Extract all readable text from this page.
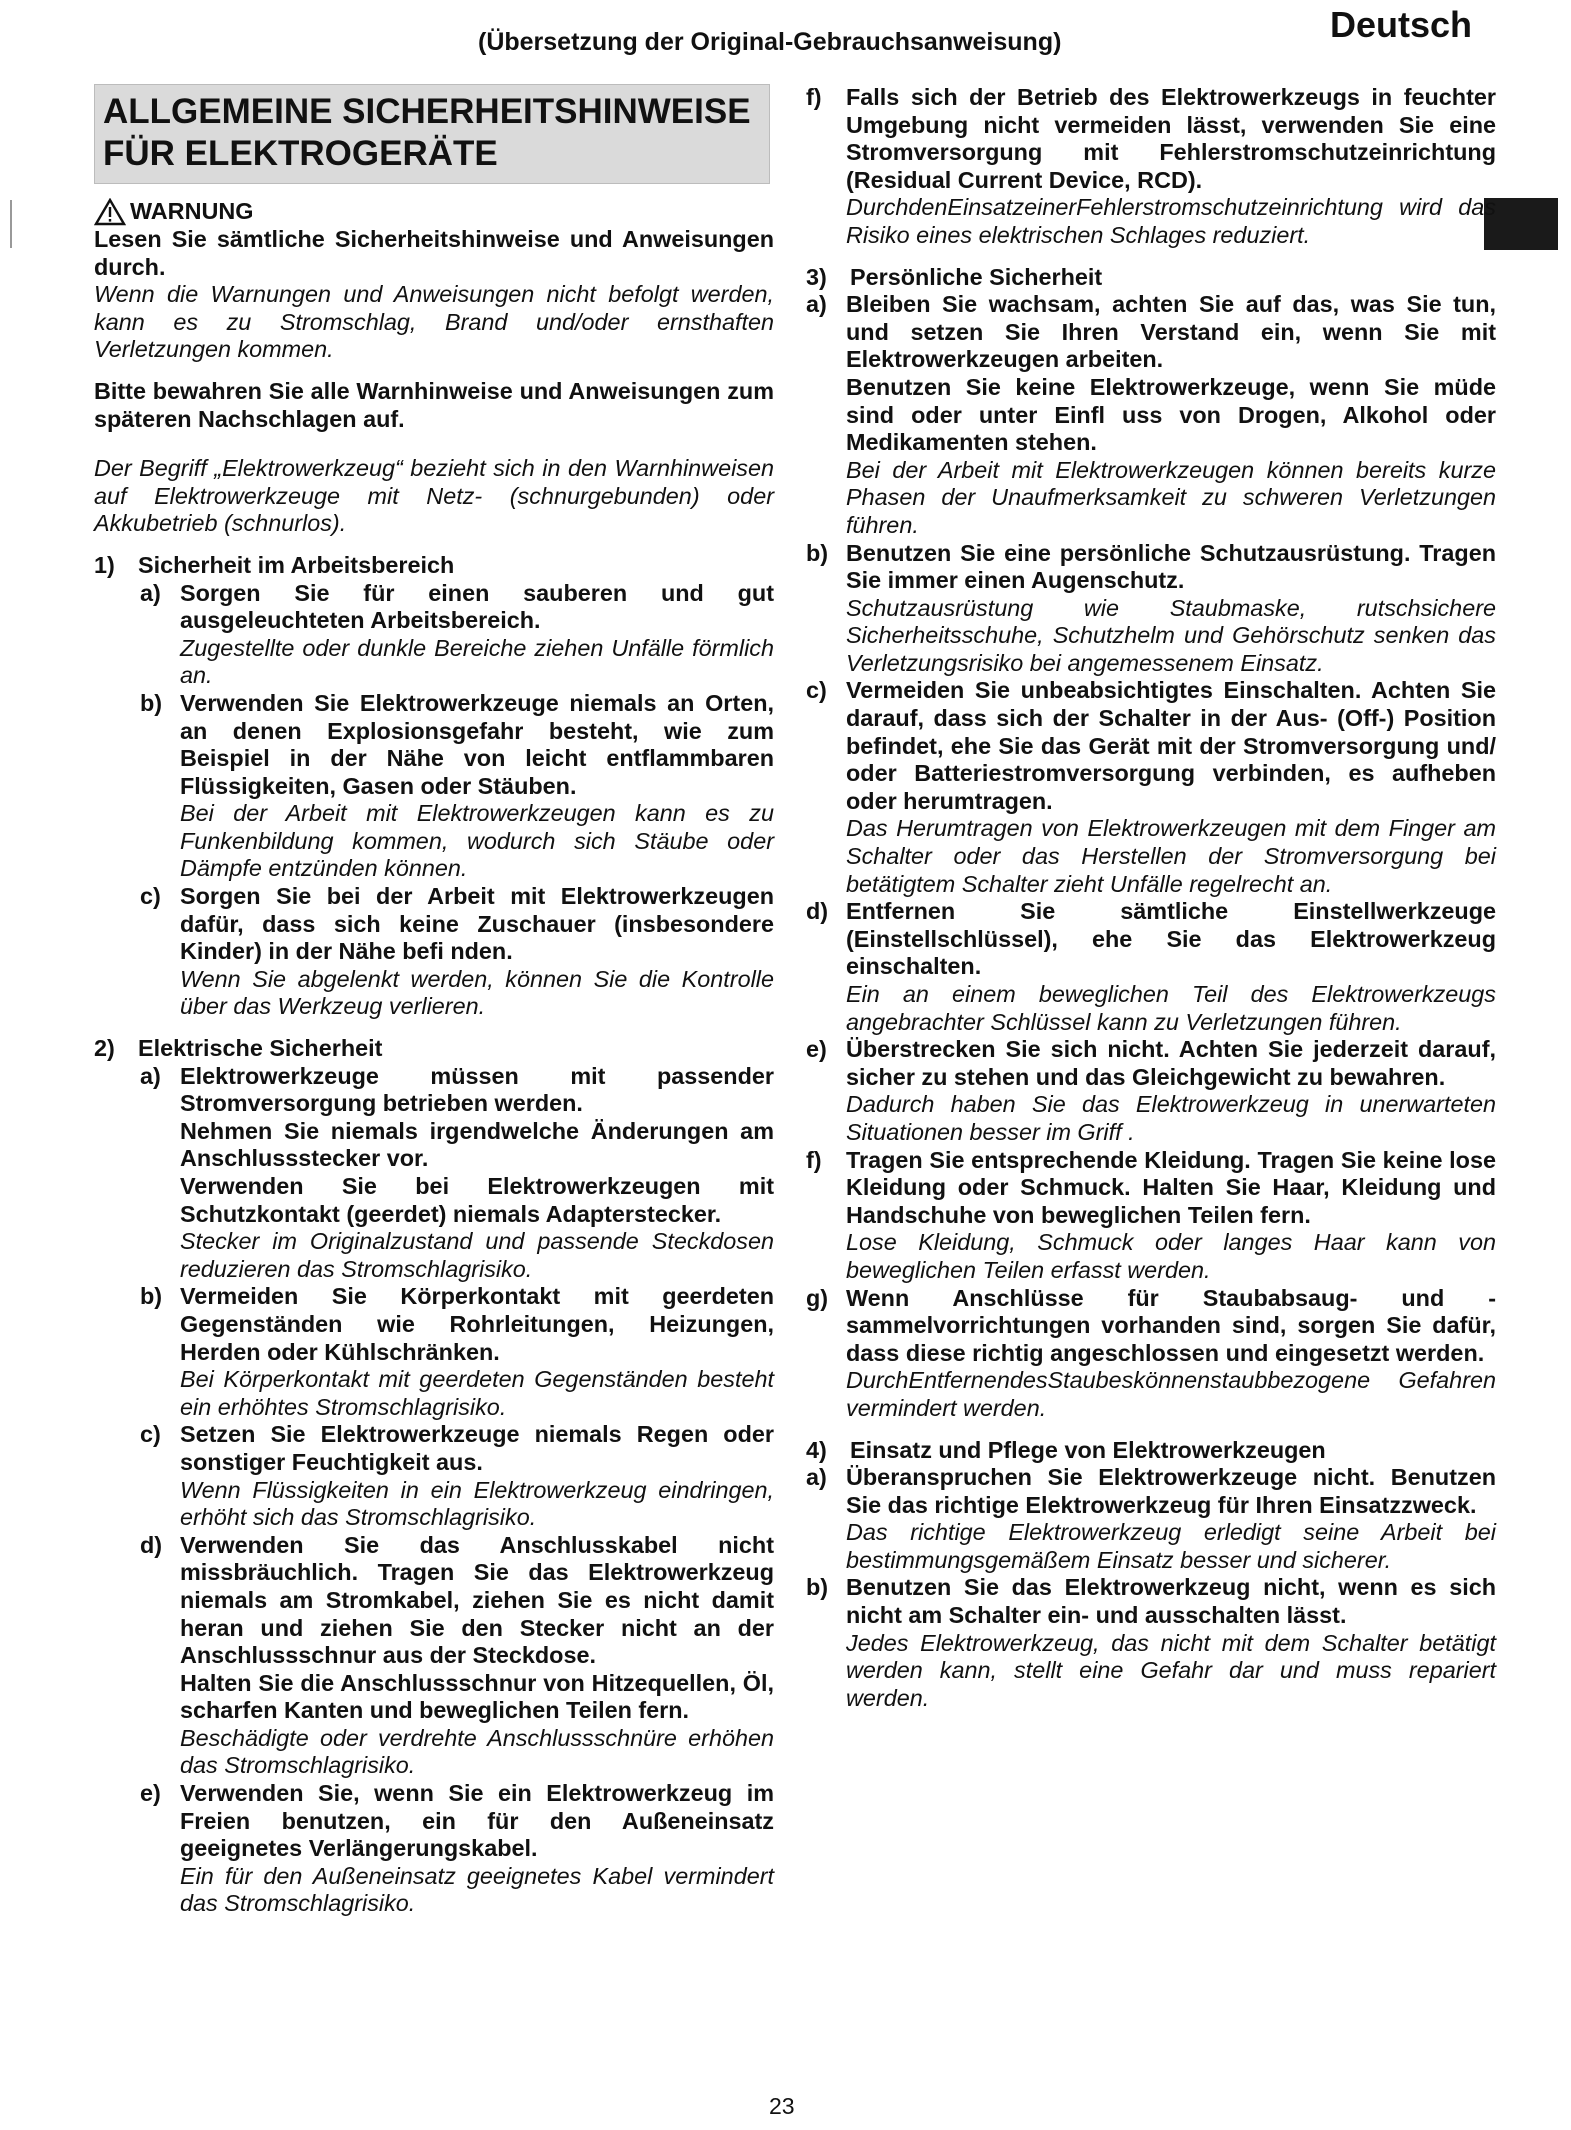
Deutsch
(Übersetzung der Original-Gebrauchsanweisung)
ALLGEMEINE SICHERHEITSHINWEISE FÜR ELEKTROGERÄTE
WARNUNG

Lesen Sie sämtliche Sicherheitshinweise und Anweisungen durch.

Wenn die Warnungen und Anweisungen nicht befolgt werden, kann es zu Stromschlag, Brand und/oder ernsthaften Verletzungen kommen.

Bitte bewahren Sie alle Warnhinweise und Anweisungen zum späteren Nachschlagen auf.

Der Begriff „Elektrowerkzeug“ bezieht sich in den Warnhinweisen auf Elektrowerkzeuge mit Netz- (schnurgebunden) oder Akkubetrieb (schnurlos).

1) Sicherheit im Arbeitsbereich
a) Sorgen Sie für einen sauberen und gut ausgeleuchteten Arbeitsbereich.

Zugestellte oder dunkle Bereiche ziehen Unfälle förmlich an.

b) Verwenden Sie Elektrowerkzeuge niemals an Orten, an denen Explosionsgefahr besteht, wie zum Beispiel in der Nähe von leicht entflammbaren Flüssigkeiten, Gasen oder Stäuben.

Bei der Arbeit mit Elektrowerkzeugen kann es zu Funkenbildung kommen, wodurch sich Stäube oder Dämpfe entzünden können.

c) Sorgen Sie bei der Arbeit mit Elektrowerkzeugen dafür, dass sich keine Zuschauer (insbesondere Kinder) in der Nähe befi nden.

Wenn Sie abgelenkt werden, können Sie die Kontrolle über das Werkzeug verlieren.

2) Elektrische Sicherheit
a) Elektrowerkzeuge müssen mit passender Stromversorgung betrieben werden.

Nehmen Sie niemals irgendwelche Änderungen am Anschlussstecker vor.

Verwenden Sie bei Elektrowerkzeugen mit Schutzkontakt (geerdet) niemals Adapterstecker.

Stecker im Originalzustand und passende Steckdosen reduzieren das Stromschlagrisiko.

b) Vermeiden Sie Körperkontakt mit geerdeten Gegenständen wie Rohrleitungen, Heizungen, Herden oder Kühlschränken.

Bei Körperkontakt mit geerdeten Gegenständen besteht ein erhöhtes Stromschlagrisiko.

c) Setzen Sie Elektrowerkzeuge niemals Regen oder sonstiger Feuchtigkeit aus.

Wenn Flüssigkeiten in ein Elektrowerkzeug eindringen, erhöht sich das Stromschlagrisiko.

d) Verwenden Sie das Anschlusskabel nicht missbräuchlich. Tragen Sie das Elektrowerkzeug niemals am Stromkabel, ziehen Sie es nicht damit heran und ziehen Sie den Stecker nicht an der Anschlussschnur aus der Steckdose.

Halten Sie die Anschlussschnur von Hitzequellen, Öl, scharfen Kanten und beweglichen Teilen fern.

Beschädigte oder verdrehte Anschlussschnüre erhöhen das Stromschlagrisiko.

e) Verwenden Sie, wenn Sie ein Elektrowerkzeug im Freien benutzen, ein für den Außeneinsatz geeignetes Verlängerungskabel.

Ein für den Außeneinsatz geeignetes Kabel vermindert das Stromschlagrisiko.

f)	Falls sich der Betrieb des Elektrowerkzeugs in feuchter Umgebung nicht vermeiden lässt, verwenden Sie eine Stromversorgung mit Fehlerstromschutzeinrichtung (Residual Current Device, RCD).

DurchdenEinsatzeinerFehlerstromschutzeinrichtung wird das Risiko eines elektrischen Schlages reduziert.

3) Persönliche Sicherheit
a) Bleiben Sie wachsam, achten Sie auf das, was Sie tun, und setzen Sie Ihren Verstand ein, wenn Sie mit Elektrowerkzeugen arbeiten.

Benutzen Sie keine Elektrowerkzeuge, wenn Sie müde sind oder unter Einfl uss von Drogen, Alkohol oder Medikamenten stehen.

Bei der Arbeit mit Elektrowerkzeugen können bereits kurze Phasen der Unaufmerksamkeit zu schweren Verletzungen führen.

b) Benutzen Sie eine persönliche Schutzausrüstung. Tragen Sie immer einen Augenschutz.

Schutzausrüstung wie Staubmaske, rutschsichere Sicherheitsschuhe, Schutzhelm und Gehörschutz senken das Verletzungsrisiko bei angemessenem Einsatz.

c) Vermeiden Sie unbeabsichtigtes Einschalten. Achten Sie darauf, dass sich der Schalter in der Aus- (Off-) Position befindet, ehe Sie das Gerät mit der Stromversorgung und/ oder Batteriestromversorgung verbinden, es aufheben oder herumtragen.

Das Herumtragen von Elektrowerkzeugen mit dem Finger am Schalter oder das Herstellen der Stromversorgung bei betätigtem Schalter zieht Unfälle regelrecht an.

d) Entfernen Sie sämtliche Einstellwerkzeuge (Einstellschlüssel), ehe Sie das Elektrowerkzeug einschalten.

Ein an einem beweglichen Teil des Elektrowerkzeugs angebrachter Schlüssel kann zu Verletzungen führen.

e) Überstrecken Sie sich nicht. Achten Sie jederzeit darauf, sicher zu stehen und das Gleichgewicht zu bewahren.

Dadurch haben Sie das Elektrowerkzeug in unerwarteten Situationen besser im Griff .

f)	Tragen Sie entsprechende Kleidung. Tragen Sie keine lose Kleidung oder Schmuck. Halten Sie Haar, Kleidung und Handschuhe von beweglichen Teilen fern.

Lose Kleidung, Schmuck oder langes Haar kann von beweglichen Teilen erfasst werden.

g) Wenn Anschlüsse für Staubabsaug- und -sammelvorrichtungen vorhanden sind, sorgen Sie dafür, dass diese richtig angeschlossen und eingesetzt werden.

DurchEntfernendesStaubeskönnenstaubbezogene Gefahren vermindert werden.

4) Einsatz und Pflege von Elektrowerkzeugen
a) Überanspruchen Sie Elektrowerkzeuge nicht. Benutzen Sie das richtige Elektrowerkzeug für Ihren Einsatzzweck.

Das richtige Elektrowerkzeug erledigt seine Arbeit bei bestimmungsgemäßem Einsatz besser und sicherer.

b) Benutzen Sie das Elektrowerkzeug nicht, wenn es sich nicht am Schalter ein- und ausschalten lässt.

Jedes Elektrowerkzeug, das nicht mit dem Schalter betätigt werden kann, stellt eine Gefahr dar und muss repariert werden.

23
